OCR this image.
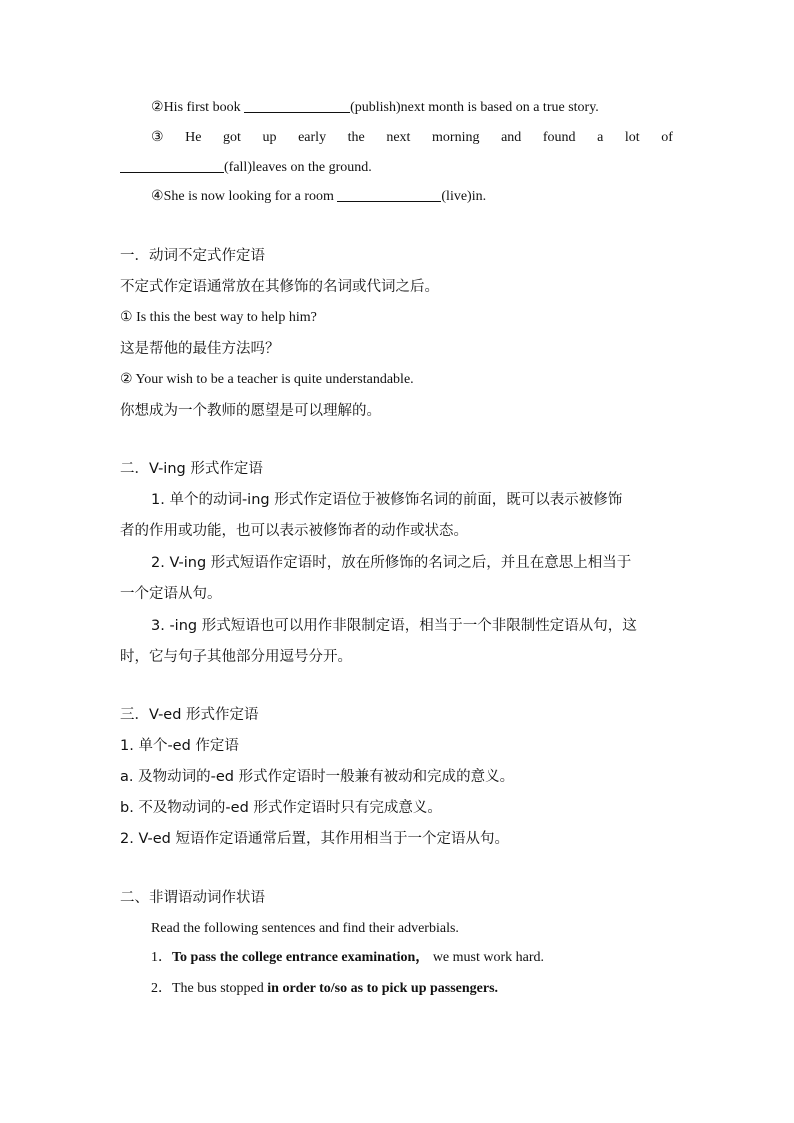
②His first book	(publish)next month is based on a true story.
③ He got up early the next morning and found a lot of
(fall)leaves on the ground.
④She is now looking for a room	(live)in.
一．动词不定式作定语
不定式作定语通常放在其修饰的名词或代词之后。
① Is this the best way to help him?
这是帮他的最佳方法吗？
② Your wish to be a teacher is quite understandable.
你想成为一个教师的愿望是可以理解的。
二．V-ing 形式作定语
1. 单个的动词-ing 形式作定语位于被修饰名词的前面，既可以表示被修饰
者的作用或功能，也可以表示被修饰者的动作或状态。
2. V-ing 形式短语作定语时，放在所修饰的名词之后，并且在意思上相当于
一个定语从句。
3. -ing 形式短语也可以用作非限制定语，相当于一个非限制性定语从句，这
时，它与句子其他部分用逗号分开。
三．V-ed 形式作定语
1. 单个-ed 作定语
a. 及物动词的-ed 形式作定语时一般兼有被动和完成的意义。
b. 不及物动词的-ed 形式作定语时只有完成意义。
2. V-ed 短语作定语通常后置，其作用相当于一个定语从句。
二、非谓语动词作状语
Read the following sentences and find their adverbials.
1．To pass the college entrance examination， we must work hard.
2．The bus stopped in order to/so as to pick up passengers.
